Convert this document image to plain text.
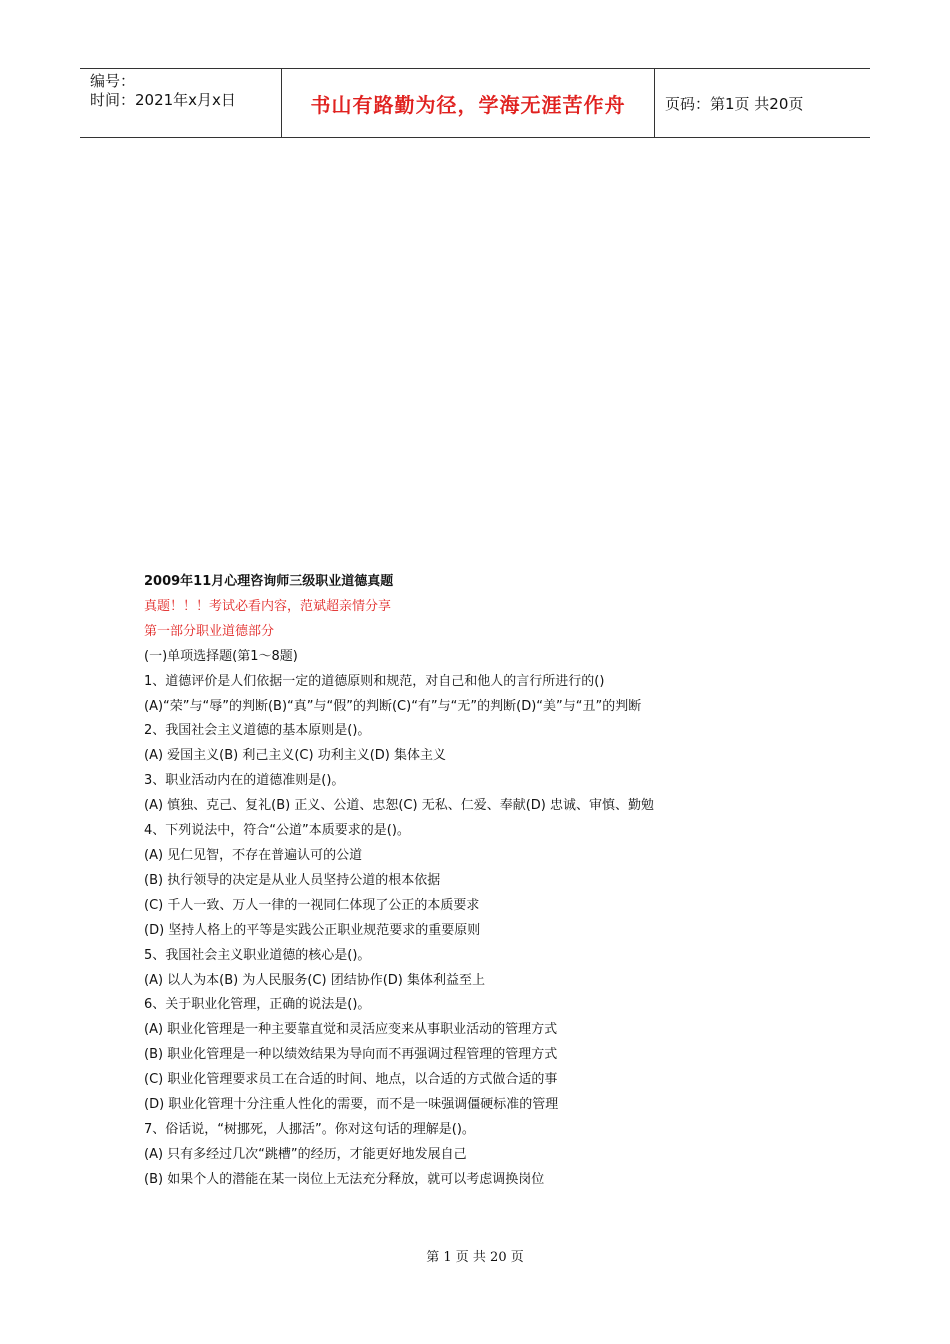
编号：
时间：2021年x月x日	书山有路勤为径，学海无涯苦作舟	页码：第1页 共20页
2009年11月心理咨询师三级职业道德真题
真题！！！考试必看内容，范斌超亲情分享
第一部分职业道德部分
(一)单项选择题(第1～8题)
1、道德评价是人们依据一定的道德原则和规范，对自己和他人的言行所进行的()
(A)“荣”与“辱”的判断(B)“真”与“假”的判断(C)“有”与“无”的判断(D)“美”与“丑”的判断
2、我国社会主义道德的基本原则是()。
(A) 爱国主义(B) 利己主义(C) 功利主义(D) 集体主义
3、职业活动内在的道德准则是()。
(A) 慎独、克己、复礼(B) 正义、公道、忠恕(C) 无私、仁爱、奉献(D) 忠诚、审慎、勤勉
4、下列说法中，符合“公道”本质要求的是()。
(A) 见仁见智，不存在普遍认可的公道
(B) 执行领导的决定是从业人员坚持公道的根本依据
(C) 千人一致、万人一律的一视同仁体现了公正的本质要求
(D) 坚持人格上的平等是实践公正职业规范要求的重要原则
5、我国社会主义职业道德的核心是()。
(A) 以人为本(B) 为人民服务(C) 团结协作(D) 集体利益至上
6、关于职业化管理，正确的说法是()。
(A) 职业化管理是一种主要靠直觉和灵活应变来从事职业活动的管理方式
(B) 职业化管理是一种以绩效结果为导向而不再强调过程管理的管理方式
(C) 职业化管理要求员工在合适的时间、地点，以合适的方式做合适的事
(D) 职业化管理十分注重人性化的需要，而不是一味强调僵硬标准的管理
7、俗话说，“树挪死，人挪活”。你对这句话的理解是()。
(A) 只有多经过几次“跳槽”的经历，才能更好地发展自己
(B) 如果个人的潜能在某一岗位上无法充分释放，就可以考虑调换岗位
第 1 页 共 20 页
